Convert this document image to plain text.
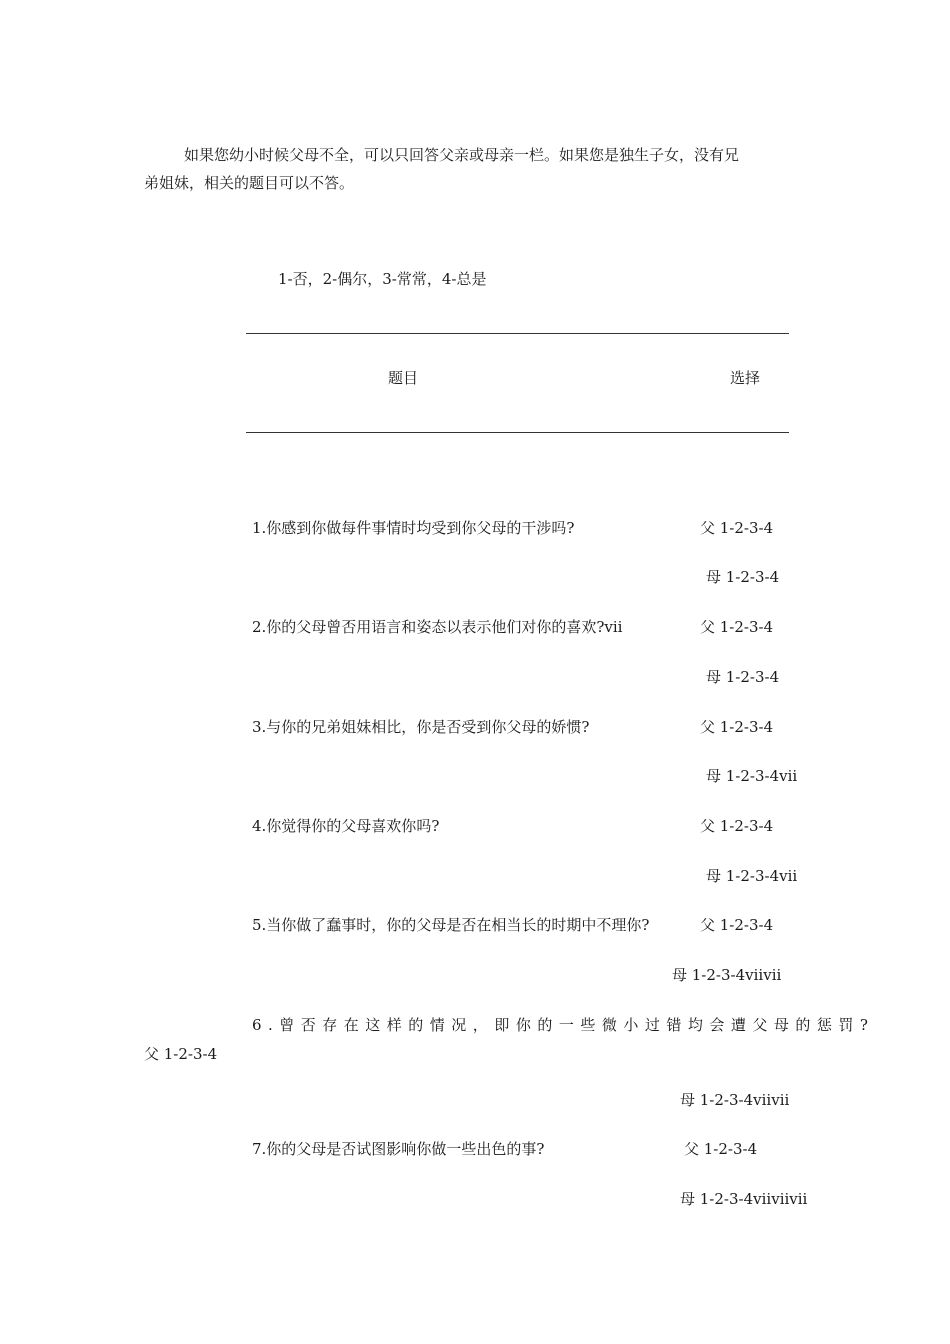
如果您幼小时候父母不全，可以只回答父亲或母亲一栏。如果您是独生子女，没有兄

弟姐妹，相关的题目可以不答。

1-否，2-偶尔，3-常常，4-总是
题目	选择
1.你感到你做每件事情时均受到你父母的干涉吗?	父 1-2-3-4
母 1-2-3-4
2.你的父母曾否用语言和姿态以表示他们对你的喜欢?ⅶ	父 1-2-3-4
母 1-2-3-4
3.与你的兄弟姐妹相比，你是否受到你父母的娇惯?	父 1-2-3-4
母 1-2-3-4ⅶ
4.你觉得你的父母喜欢你吗?	父 1-2-3-4
母 1-2-3-4ⅶ
5.当你做了蠢事时，你的父母是否在相当长的时期中不理你?	父 1-2-3-4
母 1-2-3-4ⅶⅶ
6.曾否存在这样的情况，即你的一些微小过错均会遭父母的惩罚?
父 1-2-3-4
母 1-2-3-4ⅶⅶ
7.你的父母是否试图影响你做一些出色的事?	父 1-2-3-4
母 1-2-3-4ⅶⅶⅶ
